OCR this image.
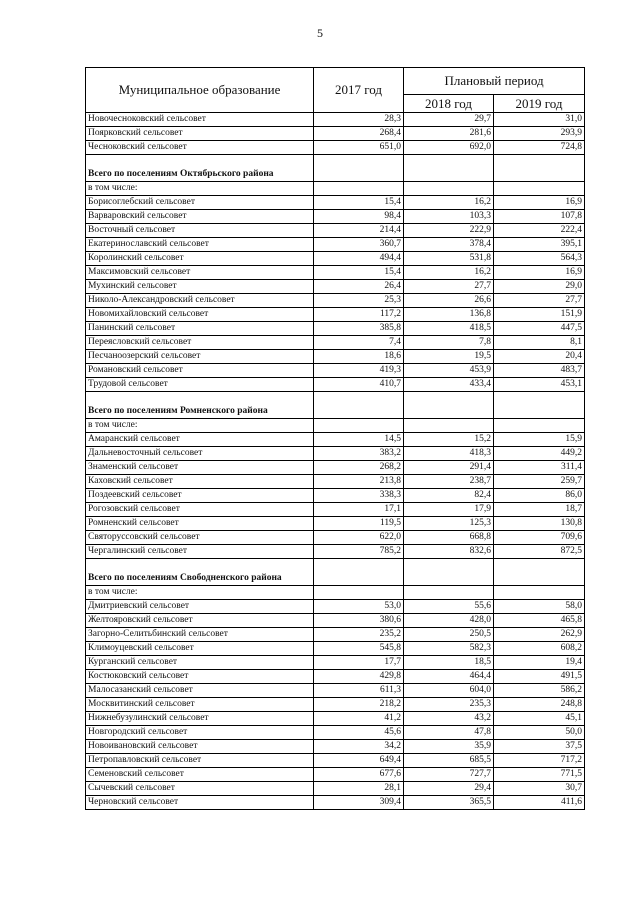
5
Муниципальное образование	2017 год	Плановый период	
		2018 год	2019 год
Новочесноковский сельсовет	28,3	29,7	31,0
Поярковский сельсовет	268,4	281,6	293,9
Чесноковский сельсовет	651,0	692,0	724,8
Всего по поселениям Октябрьского района			
в том числе:			
Борисоглебский сельсовет	15,4	16,2	16,9
Варваровский сельсовет	98,4	103,3	107,8
Восточный сельсовет	214,4	222,9	222,4
Екатеринославский сельсовет	360,7	378,4	395,1
Королинский сельсовет	494,4	531,8	564,3
Максимовский сельсовет	15,4	16,2	16,9
Мухинский сельсовет	26,4	27,7	29,0
Николо-Александровский сельсовет	25,3	26,6	27,7
Новомихайловский сельсовет	117,2	136,8	151,9
Панинский сельсовет	385,8	418,5	447,5
Переясловский сельсовет	7,4	7,8	8,1
Песчаноозерский сельсовет	18,6	19,5	20,4
Романовский сельсовет	419,3	453,9	483,7
Трудовой сельсовет	410,7	433,4	453,1
Всего по поселениям Ромненского района			
в том числе:			
Амаранский сельсовет	14,5	15,2	15,9
Дальневосточный сельсовет	383,2	418,3	449,2
Знаменский сельсовет	268,2	291,4	311,4
Каховский сельсовет	213,8	238,7	259,7
Поздеевский сельсовет	338,3	82,4	86,0
Рогозовский сельсовет	17,1	17,9	18,7
Ромненский сельсовет	119,5	125,3	130,8
Святоруссовский сельсовет	622,0	668,8	709,6
Чергалинский сельсовет	785,2	832,6	872,5
Всего по поселениям Свободненского района			
в том числе:			
Дмитриевский сельсовет	53,0	55,6	58,0
Желтояровский сельсовет	380,6	428,0	465,8
Загорно-Селитьбинский сельсовет	235,2	250,5	262,9
Климоуцевский сельсовет	545,8	582,3	608,2
Курганский сельсовет	17,7	18,5	19,4
Костюковский сельсовет	429,8	464,4	491,5
Малосазанский сельсовет	611,3	604,0	586,2
Москвитинский сельсовет	218,2	235,3	248,8
Нижнебузулинский сельсовет	41,2	43,2	45,1
Новгородский сельсовет	45,6	47,8	50,0
Новоивановский сельсовет	34,2	35,9	37,5
Петропавловский сельсовет	649,4	685,5	717,2
Семеновский сельсовет	677,6	727,7	771,5
Сычевский сельсовет	28,1	29,4	30,7
Черновский сельсовет	309,4	365,5	411,6
